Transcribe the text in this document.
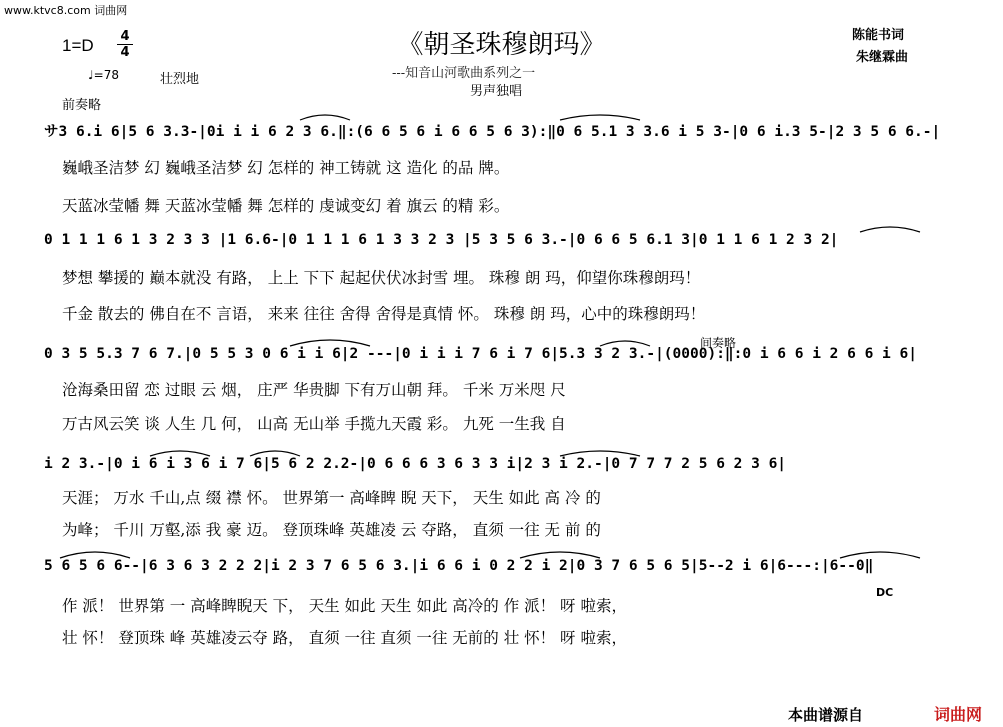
www.ktvc8.com 词曲网
1=D 4
4	《朝圣珠穆朗玛》
---知音山河歌曲系列之一
男声独唱
陈能书词
朱继霖曲
♩=78	壮烈地
前奏略
サ3 6.i 6|5 6 3.3-|0i i i 6 2 3 6.‖:(6 6 5 6 i 6 6 5 6 3):‖0 6 5.1 3 3.6 i 5 3-|0 6 i.3 5-|2 3 5 6 6.-|
巍峨圣洁梦 幻 巍峨圣洁梦 幻 怎样的 神工铸就 这 造化 的品 牌。
天蓝冰莹幡 舞 天蓝冰莹幡 舞 怎样的 虔诚变幻 着 旗云 的精 彩。
0 1 1 1 6 1 3 2 3 3 |1 6.6-|0 1 1 1 6 1 3 3 2 3 |5 3 5 6 3.-|0 6 6 5 6.1 3|0 1 1 6 1 2 3 2|
梦想 攀援的 巅本就没 有路， 上上 下下 起起伏伏冰封雪 埋。 珠穆 朗 玛，仰望你珠穆朗玛！
千金 散去的 佛自在不 言语， 来来 往往 舍得 舍得是真情 怀。 珠穆 朗 玛，心中的珠穆朗玛！
间奏略
0 3 5 5.3 7 6 7.|0 5 5 3 0 6 i i 6|2 ---|0 i i i 7 6 i 7 6|5.3 3 2 3.-|(0000):‖:0 i 6 6 i 2 6 6 i 6|
沧海桑田留 恋 过眼 云 烟， 庄严 华贵脚 下有万山朝 拜。 千米 万米咫 尺
万古风云笑 谈 人生 几 何， 山高 无山举 手揽九天霞 彩。 九死 一生我 自
i 2 3.-|0 i 6 i 3 6 i 7 6|5 6 2 2.2-|0 6 6 6 3 6 3 3 i|2 3 i 2.-|0 7 7 7 2 5 6 2 3 6|
天涯； 万水 千山,点 缀 襟 怀。 世界第一 高峰睥 睨 天下， 天生 如此 高 冷 的
为峰； 千川 万壑,添 我 豪 迈。 登顶珠峰 英雄凌 云 夺路， 直须 一往 无 前 的
5 6 5 6 6--|6 3 6 3 2 2 2|i 2 3 7 6 5 6 3.|i 6 6 i 0 2 2 i 2|0 3 7 6 5 6 5|5--2 i 6|6---:|6--0‖
作 派！ 世界第 一 高峰睥睨天 下， 天生 如此 天生 如此 高冷的 作 派！ 呀 啦索，
壮 怀！ 登顶珠 峰 英雄凌云夺 路， 直须 一往 直须 一往 无前的 壮 怀！ 呀 啦索，
DC
本曲谱源自	词曲网
